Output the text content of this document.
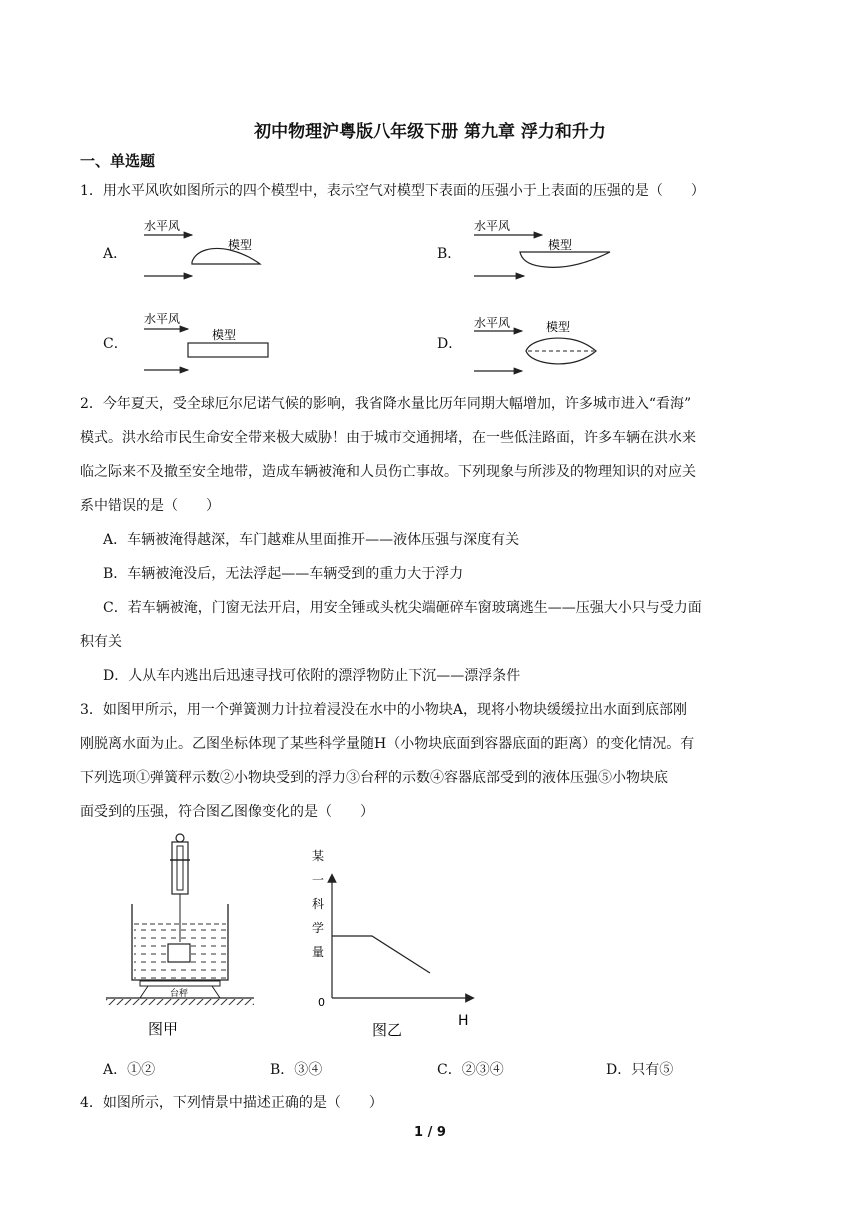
初中物理沪粤版八年级下册 第九章 浮力和升力
一、单选题
1．用水平风吹如图所示的四个模型中，表示空气对模型下表面的压强小于上表面的压强的是（　　）
A．	B．
C．	D．
水平风
模型
水平风
模型
水平风
模型
水平风	模型
2．今年夏天，受全球厄尔尼诺气候的影响，我省降水量比历年同期大幅增加，许多城市进入“看海”
模式。洪水给市民生命安全带来极大威胁！由于城市交通拥堵，在一些低洼路面，许多车辆在洪水来
临之际来不及撤至安全地带，造成车辆被淹和人员伤亡事故。下列现象与所涉及的物理知识的对应关
系中错误的是（　　）
A．车辆被淹得越深，车门越难从里面推开——液体压强与深度有关
B．车辆被淹没后，无法浮起——车辆受到的重力大于浮力
C．若车辆被淹，门窗无法开启，用安全锤或头枕尖端砸碎车窗玻璃逃生——压强大小只与受力面
积有关
D．人从车内逃出后迅速寻找可依附的漂浮物防止下沉——漂浮条件
3．如图甲所示，用一个弹簧测力计拉着浸没在水中的小物块A，现将小物块缓缓拉出水面到底部刚
刚脱离水面为止。乙图坐标体现了某些科学量随H（小物块底面到容器底面的距离）的变化情况。有
下列选项①弹簧秤示数②小物块受到的浮力③台秤的示数④容器底部受到的液体压强⑤小物块底
面受到的压强，符合图乙图像变化的是（　　）
台秤
图甲
某
一
科
学
量
0
H
图乙
A．①②	B．③④	C．②③④	D．只有⑤
4．如图所示，下列情景中描述正确的是（　　）
1 / 9
